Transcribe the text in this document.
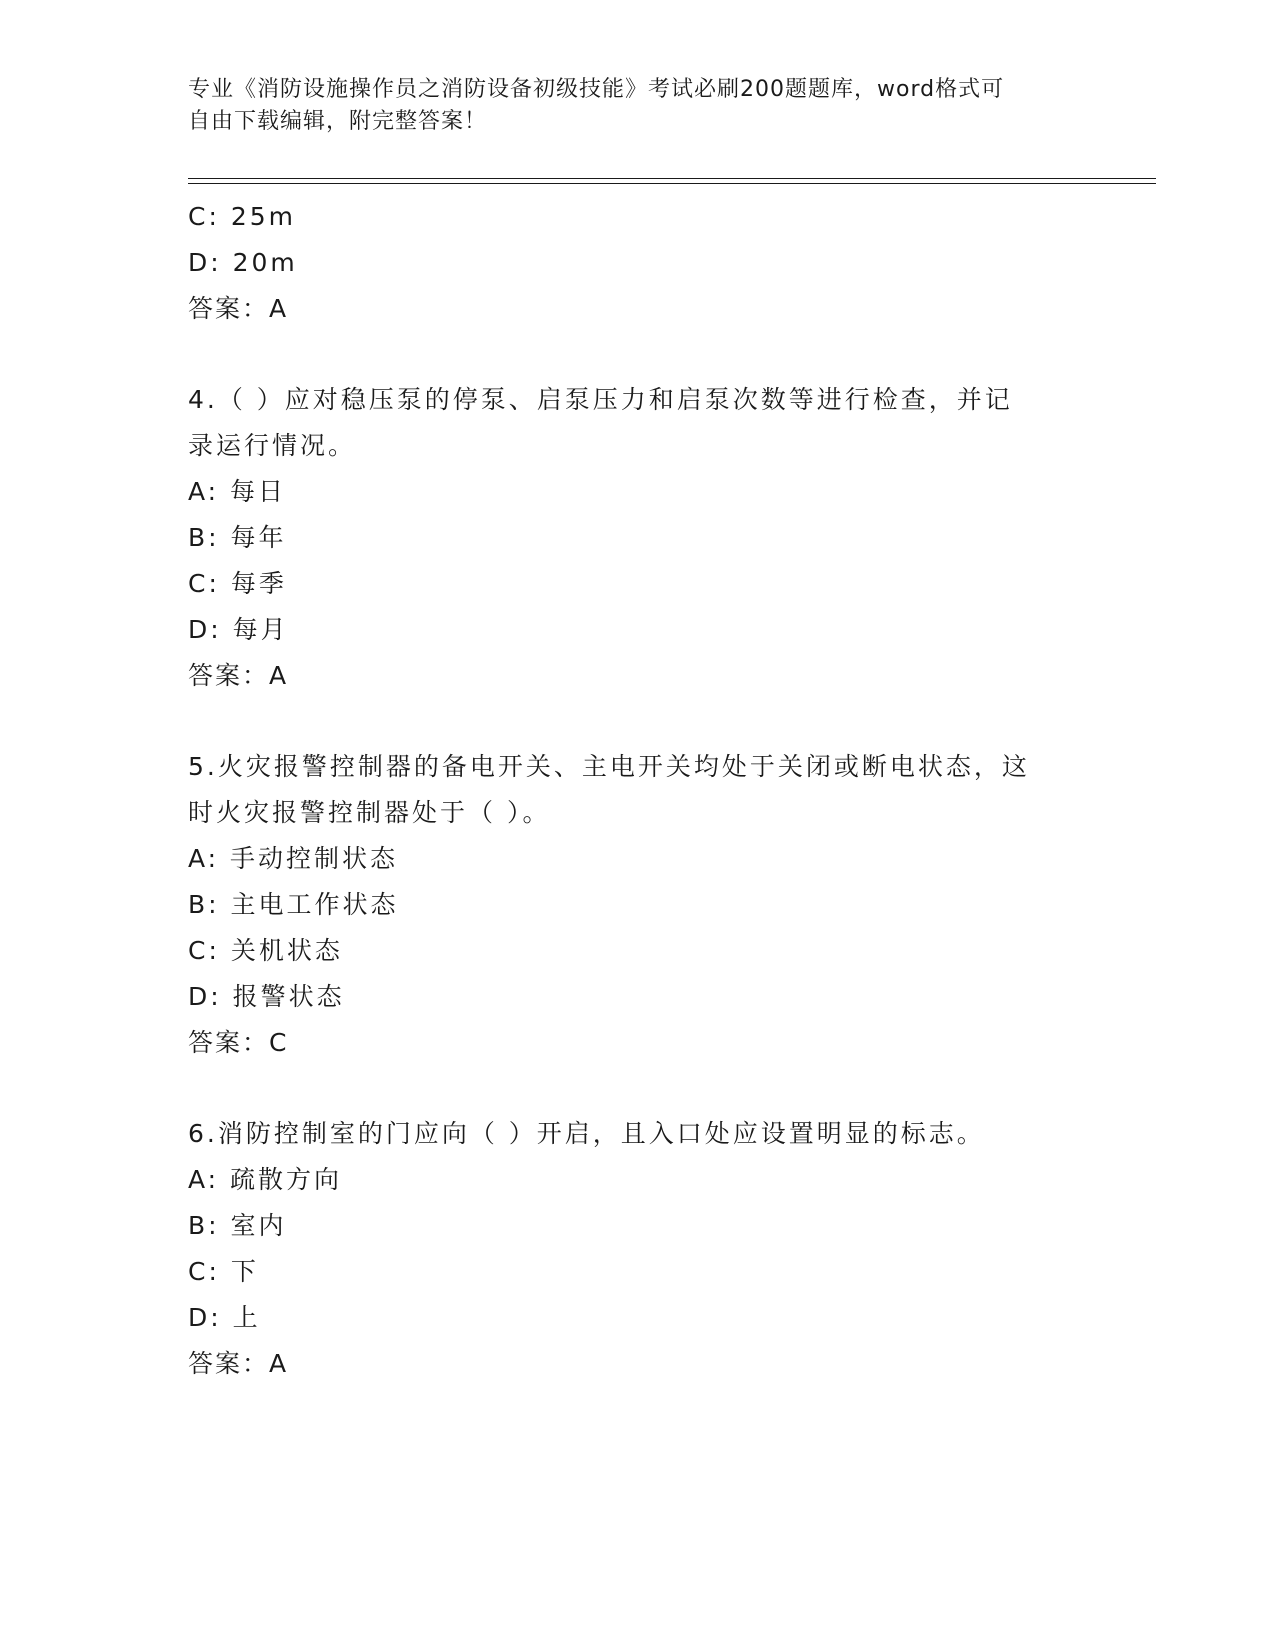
专业《消防设施操作员之消防设备初级技能》考试必刷200题题库，word格式可
自由下载编辑，附完整答案！
C: 25m
D: 20m
答案：A
4.（ ）应对稳压泵的停泵、启泵压力和启泵次数等进行检查，并记
录运行情况。
A: 每日
B: 每年
C: 每季
D: 每月
答案：A
5.火灾报警控制器的备电开关、主电开关均处于关闭或断电状态，这
时火灾报警控制器处于（ ）。
A: 手动控制状态
B: 主电工作状态
C: 关机状态
D: 报警状态
答案：C
6.消防控制室的门应向（ ）开启，且入口处应设置明显的标志。
A: 疏散方向
B: 室内
C: 下
D: 上
答案：A
